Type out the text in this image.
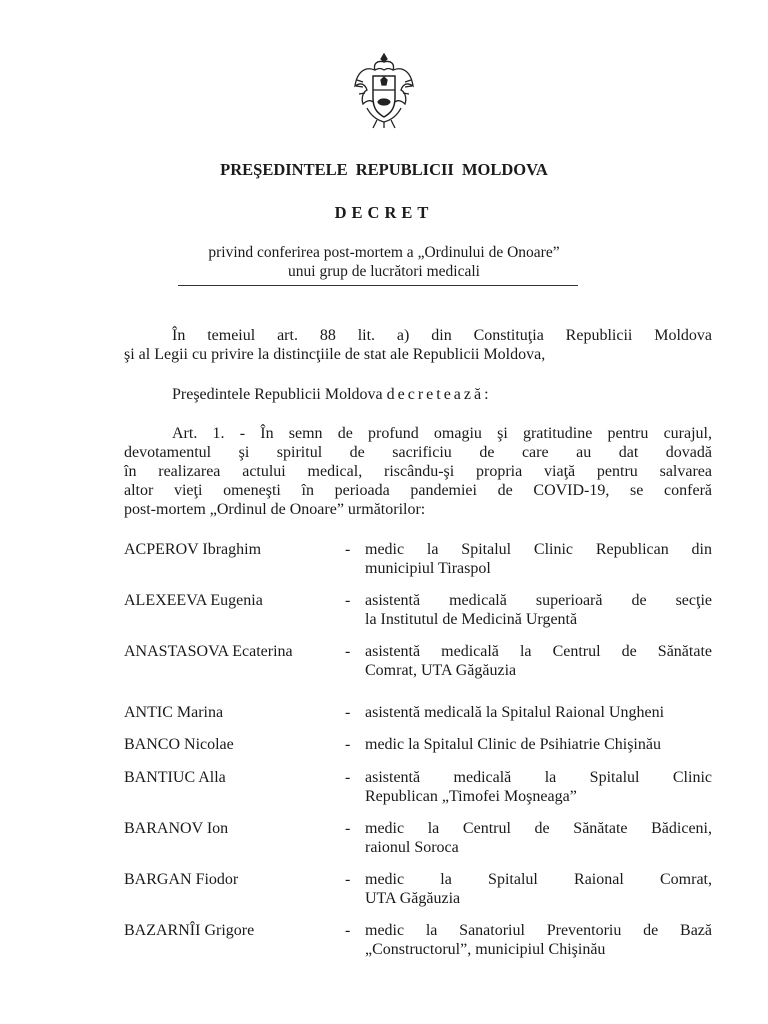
PREŞEDINTELE REPUBLICII MOLDOVA
DECRET
privind conferirea post-mortem a „Ordinului de Onoare”
unui grup de lucrători medicali
În temeiul art. 88 lit. a) din Constituţia Republicii Moldova
şi al Legii cu privire la distincţiile de stat ale Republicii Moldova,
Preşedintele Republicii Moldova decretează:
Art. 1. - În semn de profund omagiu şi gratitudine pentru curajul,
devotamentul şi spiritul de sacrificiu de care au dat dovadă
în realizarea actului medical, riscându-şi propria viaţă pentru salvarea
altor vieţi omeneşti în perioada pandemiei de COVID-19, se conferă
post-mortem „Ordinul de Onoare” următorilor:
ACPEROV Ibraghim	- medic la Spitalul Clinic Republican din
municipiul Tiraspol
ALEXEEVA Eugenia	- asistentă medicală superioară de secţie
la Institutul de Medicină Urgentă
ANASTASOVA Ecaterina	- asistentă medicală la Centrul de Sănătate
Comrat, UTA Găgăuzia
ANTIC Marina	- asistentă medicală la Spitalul Raional Ungheni
BANCO Nicolae	- medic la Spitalul Clinic de Psihiatrie Chişinău
BANTIUC Alla	- asistentă medicală la Spitalul Clinic
Republican „Timofei Moşneaga”
BARANOV Ion	- medic la Centrul de Sănătate Bădiceni,
raionul Soroca
BARGAN Fiodor	- medic la Spitalul Raional Comrat,
UTA Găgăuzia
BAZARNÎI Grigore	- medic la Sanatoriul Preventoriu de Bază
„Constructorul”, municipiul Chişinău
